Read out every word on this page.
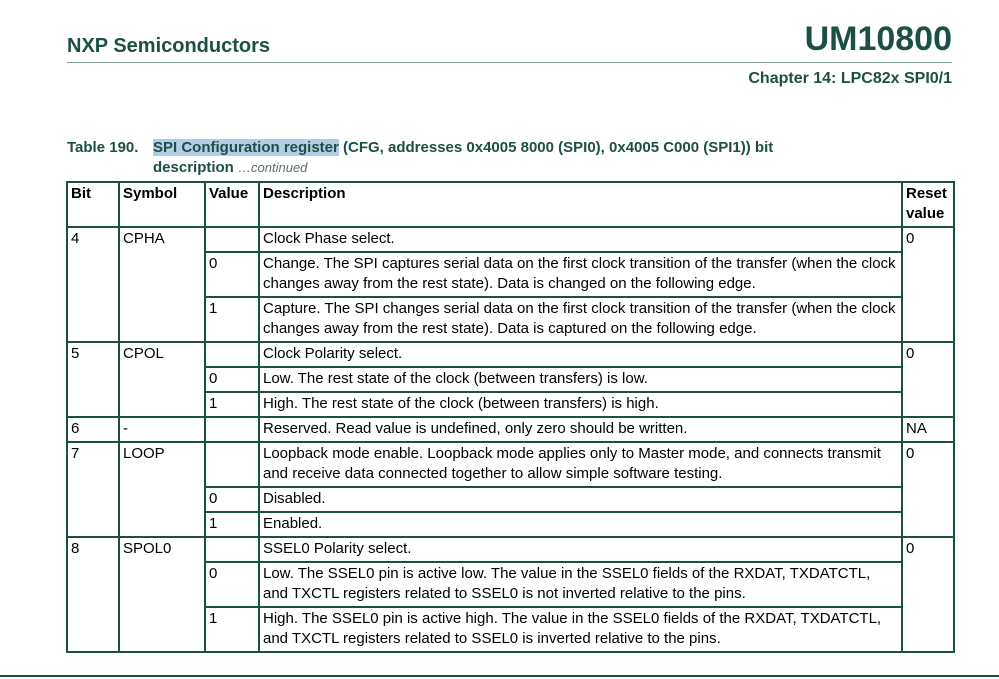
NXP Semiconductors	UM10800
Chapter 14: LPC82x SPI0/1
Table 190. SPI Configuration register (CFG, addresses 0x4005 8000 (SPI0), 0x4005 C000 (SPI1)) bit
description …continued
Bit	Symbol	Value	Description	Reset value
4	CPHA		Clock Phase select.	0
		0	Change. The SPI captures serial data on the first clock transition of the transfer (when the clock changes away from the rest state). Data is changed on the following edge.	
		1	Capture. The SPI changes serial data on the first clock transition of the transfer (when the clock changes away from the rest state). Data is captured on the following edge.	
5	CPOL		Clock Polarity select.	0
		0	Low. The rest state of the clock (between transfers) is low.	
		1	High. The rest state of the clock (between transfers) is high.	
6	-		Reserved. Read value is undefined, only zero should be written.	NA
7	LOOP		Loopback mode enable. Loopback mode applies only to Master mode, and connects transmit and receive data connected together to allow simple software testing.	0
		0	Disabled.	
		1	Enabled.	
8	SPOL0		SSEL0 Polarity select.	0
		0	Low. The SSEL0 pin is active low. The value in the SSEL0 fields of the RXDAT, TXDATCTL, and TXCTL registers related to SSEL0 is not inverted relative to the pins.	
		1	High. The SSEL0 pin is active high. The value in the SSEL0 fields of the RXDAT, TXDATCTL, and TXCTL registers related to SSEL0 is inverted relative to the pins.	
